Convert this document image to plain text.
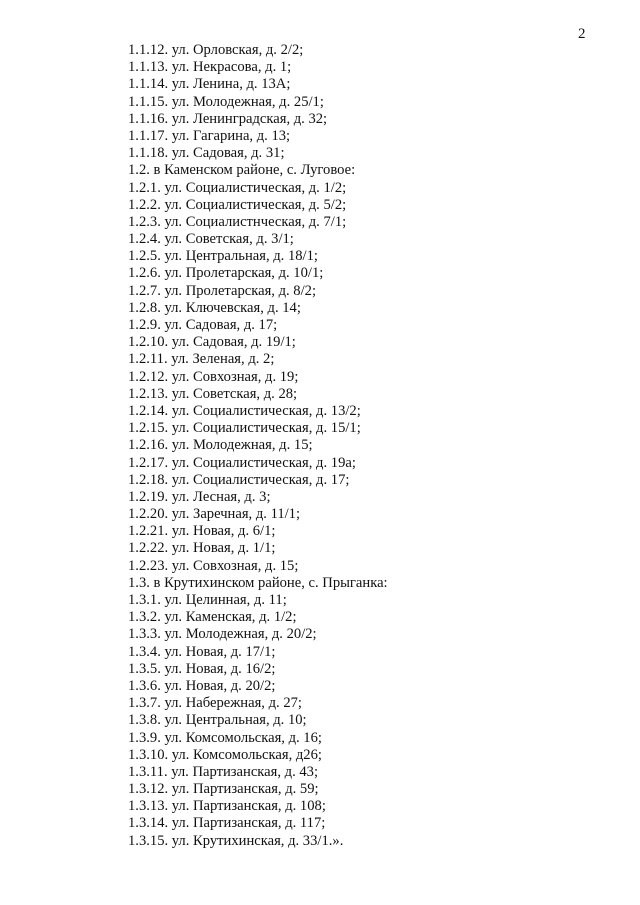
2
1.1.12. ул. Орловская, д. 2/2;
1.1.13. ул. Некрасова, д. 1;
1.1.14. ул. Ленина, д. 13А;
1.1.15. ул. Молодежная, д. 25/1;
1.1.16. ул. Ленинградская, д. 32;
1.1.17. ул. Гагарина, д. 13;
1.1.18. ул. Садовая, д. 31;
1.2. в Каменском районе, с. Луговое:
1.2.1. ул. Социалистическая, д. 1/2;
1.2.2. ул. Социалистическая, д. 5/2;
1.2.3. ул. Социалистнческая, д. 7/1;
1.2.4. ул. Советская, д. 3/1;
1.2.5. ул. Центральная, д. 18/1;
1.2.6. ул. Пролетарская, д. 10/1;
1.2.7. ул. Пролетарская, д. 8/2;
1.2.8. ул. Ключевская, д. 14;
1.2.9. ул. Садовая, д. 17;
1.2.10. ул. Садовая, д. 19/1;
1.2.11. ул. Зеленая, д. 2;
1.2.12. ул. Совхозная, д. 19;
1.2.13. ул. Советская, д. 28;
1.2.14. ул. Социалистическая, д. 13/2;
1.2.15. ул. Социалистическая, д. 15/1;
1.2.16. ул. Молодежная, д. 15;
1.2.17. ул. Социалистическая, д. 19а;
1.2.18. ул. Социалистическая, д. 17;
1.2.19. ул. Лесная, д. 3;
1.2.20. ул. Заречная, д. 11/1;
1.2.21. ул. Новая, д. 6/1;
1.2.22. ул. Новая, д. 1/1;
1.2.23. ул. Совхозная, д. 15;
1.3. в Крутихинском районе, с. Прыганка:
1.3.1. ул. Целинная, д. 11;
1.3.2. ул. Каменская, д. 1/2;
1.3.3. ул. Молодежная, д. 20/2;
1.3.4. ул. Новая, д. 17/1;
1.3.5. ул. Новая, д. 16/2;
1.3.6. ул. Новая, д. 20/2;
1.3.7. ул. Набережная, д. 27;
1.3.8. ул. Центральная, д. 10;
1.3.9. ул. Комсомольская, д. 16;
1.3.10. ул. Комсомольская, д26;
1.3.11. ул. Партизанская, д. 43;
1.3.12. ул. Партизанская, д. 59;
1.3.13. ул. Партизанская, д. 108;
1.3.14. ул. Партизанская, д. 117;
1.3.15. ул. Крутихинская, д. 33/1.».
